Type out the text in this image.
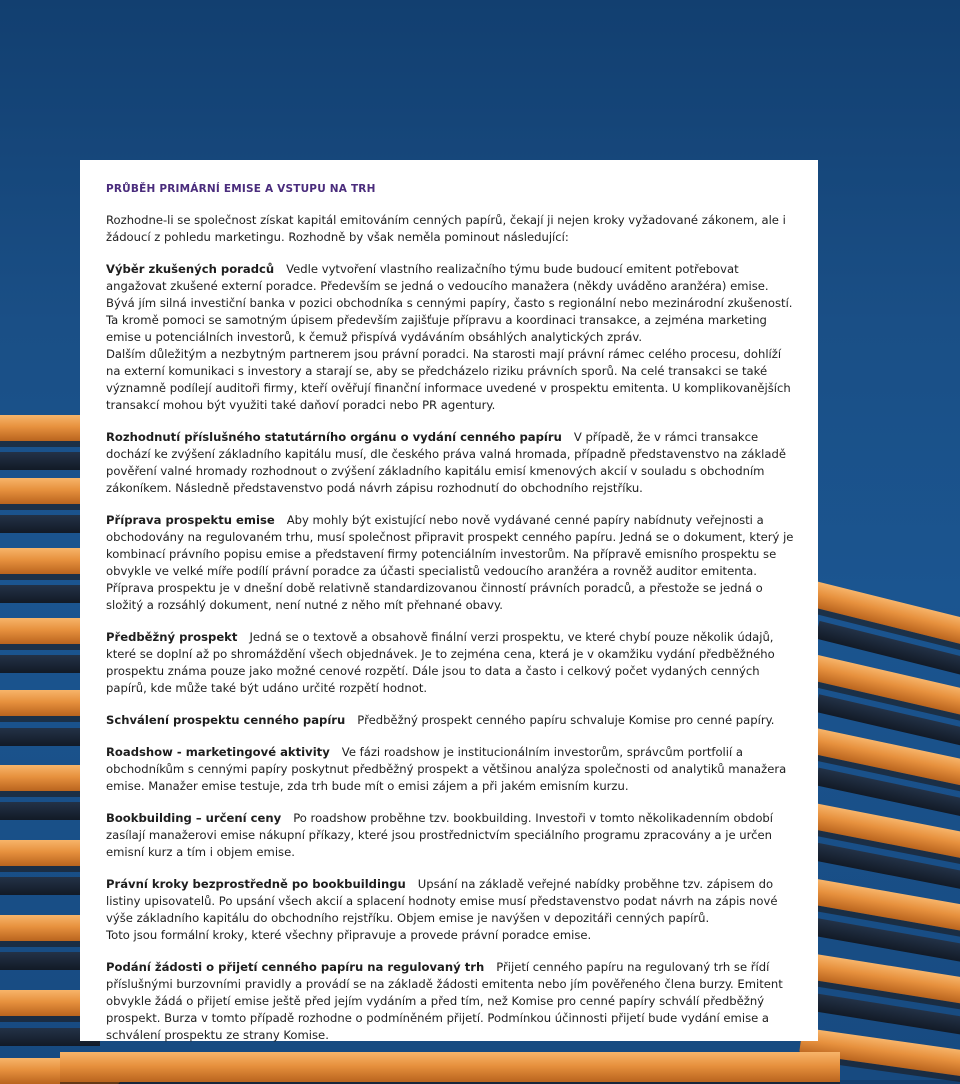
PRŮBĚH PRIMÁRNÍ EMISE A VSTUPU NA TRH

Rozhodne-li se společnost získat kapitál emitováním cenných papírů, čekají ji nejen kroky vyžadované zákonem, ale i žádoucí z pohledu marketingu. Rozhodně by však neměla pominout následující:

Výběr zkušených poradců Vedle vytvoření vlastního realizačního týmu bude budoucí emitent potřebovat angažovat zkušené externí poradce. Především se jedná o vedoucího manažera (někdy uváděno aranžéra) emise. Bývá jím silná investiční banka v pozici obchodníka s cennými papíry, často s regionální nebo mezinárodní zkušeností. Ta kromě pomoci se samotným úpisem především zajišťuje přípravu a koordinaci transakce, a zejména marketing emise u potenciálních investorů, k čemuž přispívá vydáváním obsáhlých analytických zpráv.

Dalším důležitým a nezbytným partnerem jsou právní poradci. Na starosti mají právní rámec celého procesu, dohlíží na externí komunikaci s investory a starají se, aby se předcházelo riziku právních sporů. Na celé transakci se také významně podílejí auditoři firmy, kteří ověřují finanční informace uvedené v prospektu emitenta. U komplikovanějších transakcí mohou být využiti také daňoví poradci nebo PR agentury.

Rozhodnutí příslušného statutárního orgánu o vydání cenného papíru V případě, že v rámci transakce dochází ke zvýšení základního kapitálu musí, dle českého práva valná hromada, případně představenstvo na základě pověření valné hromady rozhodnout o zvýšení základního kapitálu emisí kmenových akcií v souladu s obchodním zákoníkem. Následně představenstvo podá návrh zápisu rozhodnutí do obchodního rejstříku.

Příprava prospektu emise Aby mohly být existující nebo nově vydávané cenné papíry nabídnuty veřejnosti a obchodovány na regulovaném trhu, musí společnost připravit prospekt cenného papíru. Jedná se o dokument, který je kombinací právního popisu emise a představení firmy potenciálním investorům. Na přípravě emisního prospektu se obvykle ve velké míře podílí právní poradce za účasti specialistů vedoucího aranžéra a rovněž auditor emitenta. Příprava prospektu je v dnešní době relativně standardizovanou činností právních poradců, a přestože se jedná o složitý a rozsáhlý dokument, není nutné z něho mít přehnané obavy.

Předběžný prospekt Jedná se o textově a obsahově finální verzi prospektu, ve které chybí pouze několik údajů, které se doplní až po shromáždění všech objednávek. Je to zejména cena, která je v okamžiku vydání předběžného prospektu známa pouze jako možné cenové rozpětí. Dále jsou to data a často i celkový počet vydaných cenných papírů, kde může také být udáno určité rozpětí hodnot.

Schválení prospektu cenného papíru Předběžný prospekt cenného papíru schvaluje Komise pro cenné papíry.

Roadshow - marketingové aktivity Ve fázi roadshow je institucionálním investorům, správcům portfolií a obchodníkům s cennými papíry poskytnut předběžný prospekt a většinou analýza společnosti od analytiků manažera emise. Manažer emise testuje, zda trh bude mít o emisi zájem a při jakém emisním kurzu.

Bookbuilding – určení ceny Po roadshow proběhne tzv. bookbuilding. Investoři v tomto několikadenním období zasílají manažerovi emise nákupní příkazy, které jsou prostřednictvím speciálního programu zpracovány a je určen emisní kurz a tím i objem emise.

Právní kroky bezprostředně po bookbuildingu Upsání na základě veřejné nabídky proběhne tzv. zápisem do listiny upisovatelů. Po upsání všech akcií a splacení hodnoty emise musí představenstvo podat návrh na zápis nové výše základního kapitálu do obchodního rejstříku. Objem emise je navýšen v depozitáři cenných papírů.

Toto jsou formální kroky, které všechny připravuje a provede právní poradce emise.

Podání žádosti o přijetí cenného papíru na regulovaný trh Přijetí cenného papíru na regulovaný trh se řídí příslušnými burzovními pravidly a provádí se na základě žádosti emitenta nebo jím pověřeného člena burzy. Emitent obvykle žádá o přijetí emise ještě před jejím vydáním a před tím, než Komise pro cenné papíry schválí předběžný prospekt. Burza v tomto případě rozhodne o podmíněném přijetí. Podmínkou účinnosti přijetí bude vydání emise a schválení prospektu ze strany Komise.
